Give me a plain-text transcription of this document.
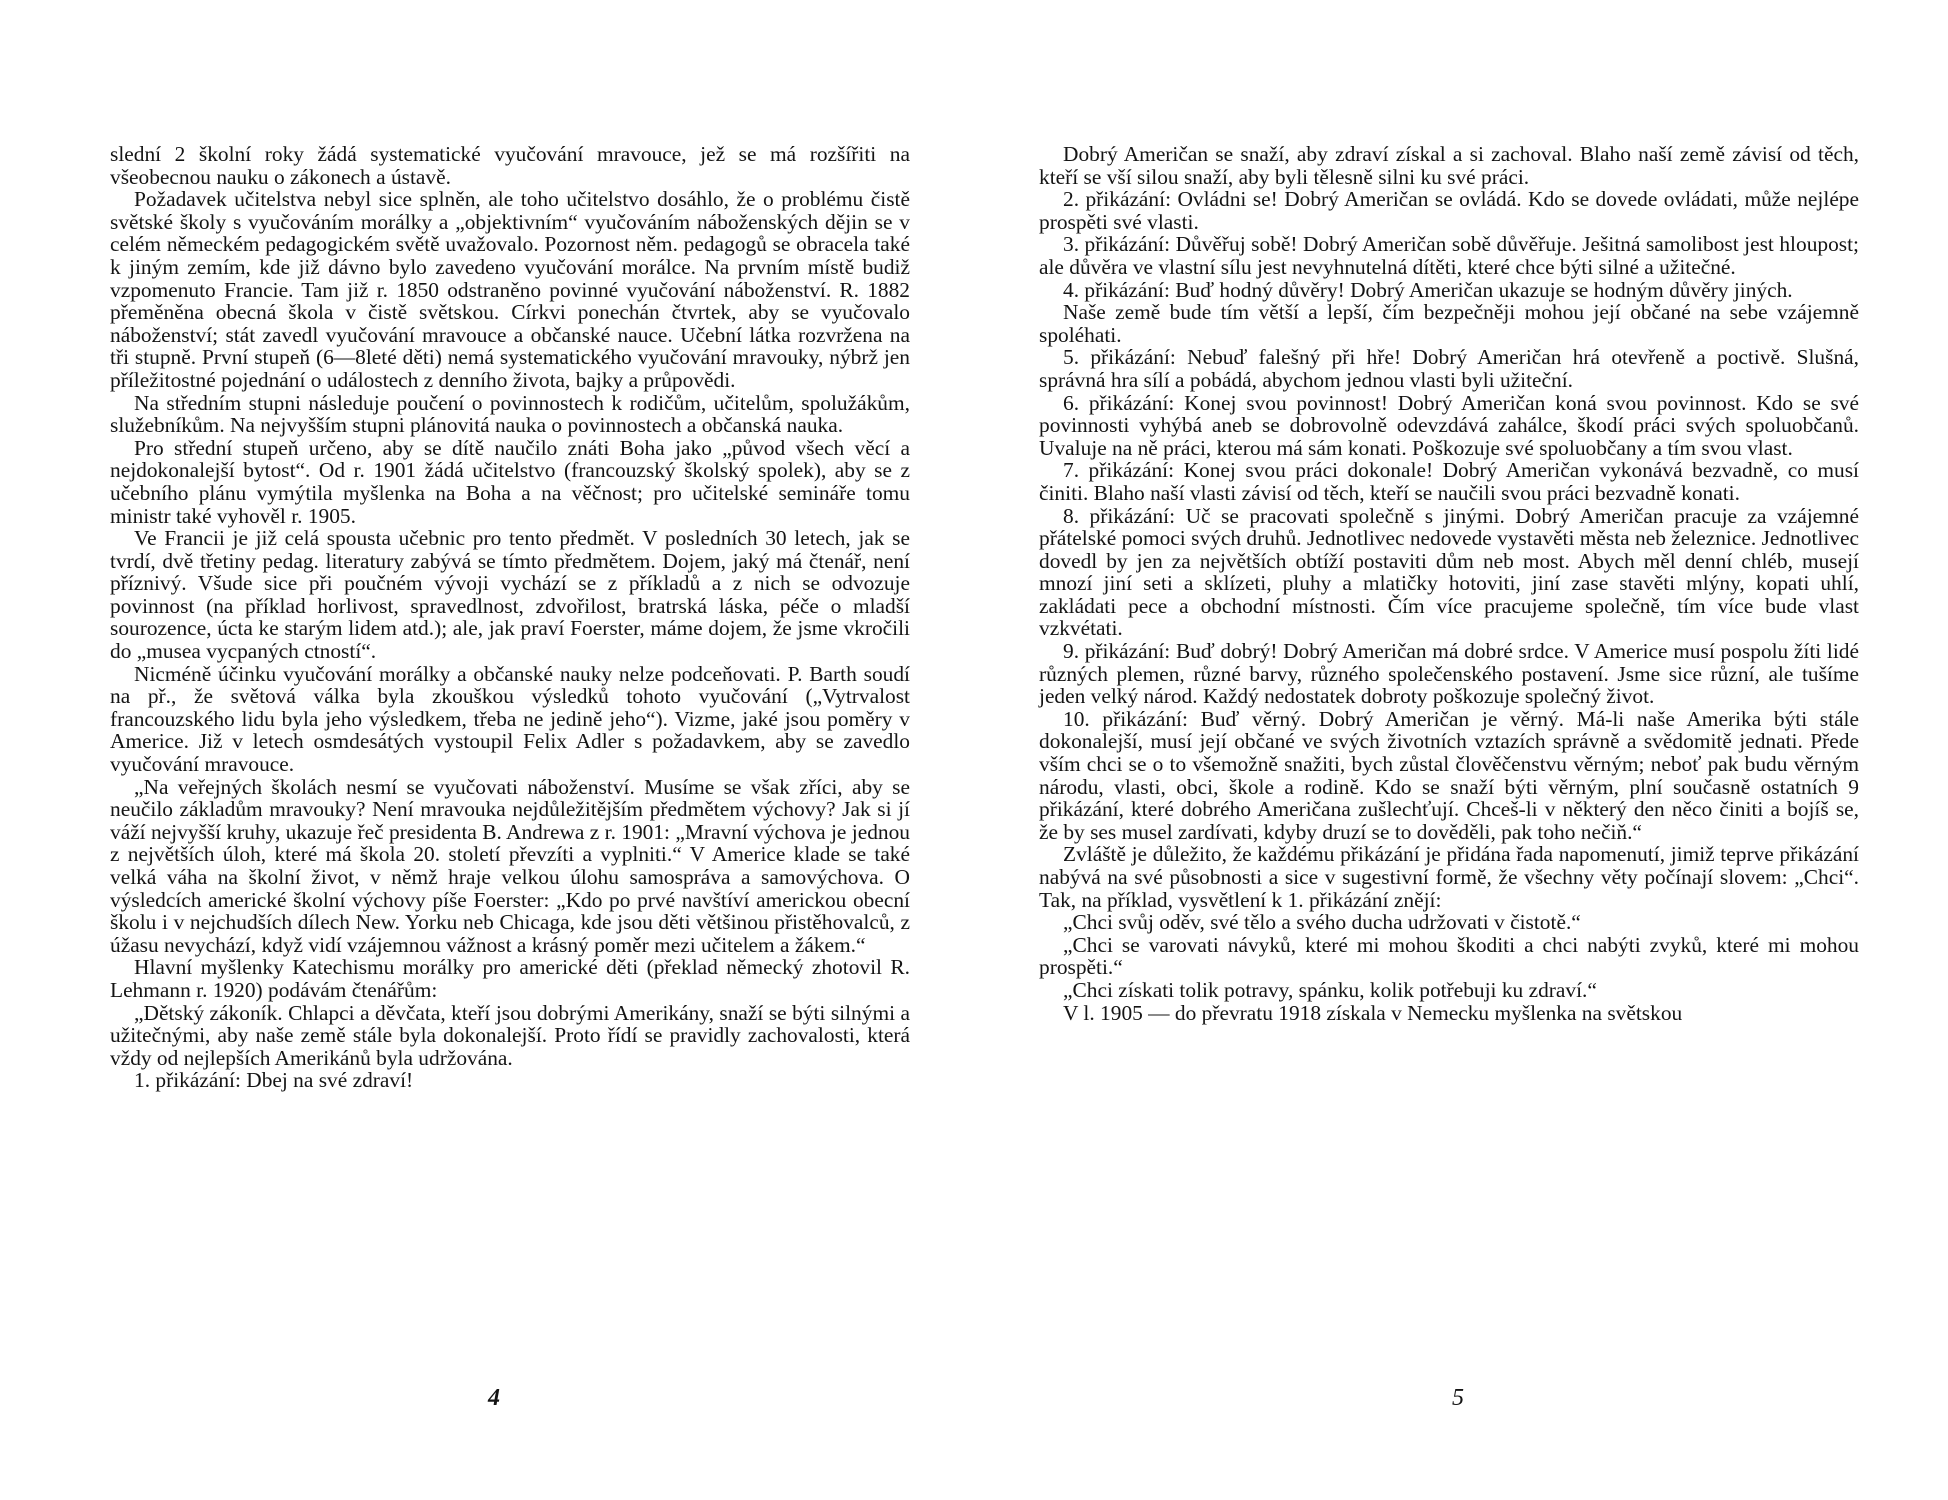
slední 2 školní roky žádá systematické vyučování mravouce, jež se má rozšířiti na všeobecnou nauku o zákonech a ústavě.

Požadavek učitelstva nebyl sice splněn, ale toho učitelstvo dosáhlo, že o problému čistě světské školy s vyučováním morálky a „objektivním“ vyučováním náboženských dějin se v celém německém pedagogickém světě uvažovalo. Pozornost něm. pedagogů se obracela také k jiným zemím, kde již dávno bylo zavedeno vyučování morálce. Na prvním místě budiž vzpomenuto Francie. Tam již r. 1850 odstraněno povinné vyučování náboženství. R. 1882 přeměněna obecná škola v čistě světskou. Církvi ponechán čtvrtek, aby se vyučovalo náboženství; stát zavedl vyučování mravouce a občanské nauce. Učební látka rozvržena na tři stupně. První stupeň (6—8leté děti) nemá systematického vyučování mravouky, nýbrž jen příležitostné pojednání o událostech z denního života, bajky a průpovědi.

Na středním stupni následuje poučení o povinnostech k rodičům, učitelům, spolužákům, služebníkům. Na nejvyšším stupni plánovitá nauka o povinnostech a občanská nauka.

Pro střední stupeň určeno, aby se dítě naučilo znáti Boha jako „původ všech věcí a nejdokonalejší bytost“. Od r. 1901 žádá učitelstvo (francouzský školský spolek), aby se z učebního plánu vymýtila myšlenka na Boha a na věčnost; pro učitelské semináře tomu ministr také vyhověl r. 1905.

Ve Francii je již celá spousta učebnic pro tento předmět. V posledních 30 letech, jak se tvrdí, dvě třetiny pedag. literatury zabývá se tímto předmětem. Dojem, jaký má čtenář, není příznivý. Všude sice při poučném vývoji vychází se z příkladů a z nich se odvozuje povinnost (na příklad horlivost, spravedlnost, zdvořilost, bratrská láska, péče o mladší sourozence, úcta ke starým lidem atd.); ale, jak praví Foerster, máme dojem, že jsme vkročili do „musea vycpaných ctností“.

Nicméně účinku vyučování morálky a občanské nauky nelze podceňovati. P. Barth soudí na př., že světová válka byla zkouškou výsledků tohoto vyučování („Vytrvalost francouzského lidu byla jeho výsledkem, třeba ne jedině jeho“). Vizme, jaké jsou poměry v Americe. Již v letech osmdesátých vystoupil Felix Adler s požadavkem, aby se zavedlo vyučování mravouce.

„Na veřejných školách nesmí se vyučovati náboženství. Musíme se však zříci, aby se neučilo základům mravouky? Není mravouka nejdůležitějším předmětem výchovy? Jak si jí váží nejvyšší kruhy, ukazuje řeč presidenta B. Andrewa z r. 1901: „Mravní výchova je jednou z největších úloh, které má škola 20. století převzíti a vyplniti.“ V Americe klade se také velká váha na školní život, v němž hraje velkou úlohu samospráva a samovýchova. O výsledcích americké školní výchovy píše Foerster: „Kdo po prvé navštíví americkou obecní školu i v nejchudších dílech New. Yorku neb Chicaga, kde jsou děti většinou přistěhovalců, z úžasu nevychází, když vidí vzájemnou vážnost a krásný poměr mezi učitelem a žákem.“

Hlavní myšlenky Katechismu morálky pro americké děti (překlad německý zhotovil R. Lehmann r. 1920) podávám čtenářům:

„Dětský zákoník. Chlapci a děvčata, kteří jsou dobrými Amerikány, snaží se býti silnými a užitečnými, aby naše země stále byla dokonalejší. Proto řídí se pravidly zachovalosti, která vždy od nejlepších Amerikánů byla udržována.

1. přikázání: Dbej na své zdraví!

4

Dobrý Američan se snaží, aby zdraví získal a si zachoval. Blaho naší země závisí od těch, kteří se vší silou snaží, aby byli tělesně silni ku své práci.

2. přikázání: Ovládni se! Dobrý Američan se ovládá. Kdo se dovede ovládati, může nejlépe prospěti své vlasti.

3. přikázání: Důvěřuj sobě! Dobrý Američan sobě důvěřuje. Ješitná samolibost jest hloupost; ale důvěra ve vlastní sílu jest nevyhnutelná dítěti, které chce býti silné a užitečné.

4. přikázání: Buď hodný důvěry! Dobrý Američan ukazuje se hodným důvěry jiných.

Naše země bude tím větší a lepší, čím bezpečněji mohou její občané na sebe vzájemně spoléhati.

5. přikázání: Nebuď falešný při hře! Dobrý Američan hrá otevřeně a poctivě. Slušná, správná hra sílí a pobádá, abychom jednou vlasti byli užiteční.

6. přikázání: Konej svou povinnost! Dobrý Američan koná svou povinnost. Kdo se své povinnosti vyhýbá aneb se dobrovolně odevzdává zahálce, škodí práci svých spoluobčanů. Uvaluje na ně práci, kterou má sám konati. Poškozuje své spoluobčany a tím svou vlast.

7. přikázání: Konej svou práci dokonale! Dobrý Američan vykonává bezvadně, co musí činiti. Blaho naší vlasti závisí od těch, kteří se naučili svou práci bezvadně konati.

8. přikázání: Uč se pracovati společně s jinými. Dobrý Američan pracuje za vzájemné přátelské pomoci svých druhů. Jednotlivec nedovede vystavěti města neb železnice. Jednotlivec dovedl by jen za největších obtíží postaviti dům neb most. Abych měl denní chléb, musejí mnozí jiní seti a sklízeti, pluhy a mlatičky hotoviti, jiní zase stavěti mlýny, kopati uhlí, zakládati pece a obchodní místnosti. Čím více pracujeme společně, tím více bude vlast vzkvétati.

9. přikázání: Buď dobrý! Dobrý Američan má dobré srdce. V Americe musí pospolu žíti lidé různých plemen, různé barvy, různého společenského postavení. Jsme sice různí, ale tušíme jeden velký národ. Každý nedostatek dobroty poškozuje společný život.

10. přikázání: Buď věrný. Dobrý Američan je věrný. Má-li naše Amerika býti stále dokonalejší, musí její občané ve svých životních vztazích správně a svědomitě jednati. Přede vším chci se o to všemožně snažiti, bych zůstal člověčenstvu věrným; neboť pak budu věrným národu, vlasti, obci, škole a rodině. Kdo se snaží býti věrným, plní současně ostatních 9 přikázání, které dobrého Američana zušlechťují. Chceš-li v některý den něco činiti a bojíš se, že by ses musel zardívati, kdyby druzí se to dověděli, pak toho nečiň.“

Zvláště je důležito, že každému přikázání je přidána řada napomenutí, jimiž teprve přikázání nabývá na své působnosti a sice v sugestivní formě, že všechny věty počínají slovem: „Chci“. Tak, na příklad, vysvětlení k 1. přikázání znějí:

„Chci svůj oděv, své tělo a svého ducha udržovati v čistotě.“

„Chci se varovati návyků, které mi mohou škoditi a chci nabýti zvyků, které mi mohou prospěti.“

„Chci získati tolik potravy, spánku, kolik potřebuji ku zdraví.“

V l. 1905 — do převratu 1918 získala v Nemecku myšlenka na světskou

5
